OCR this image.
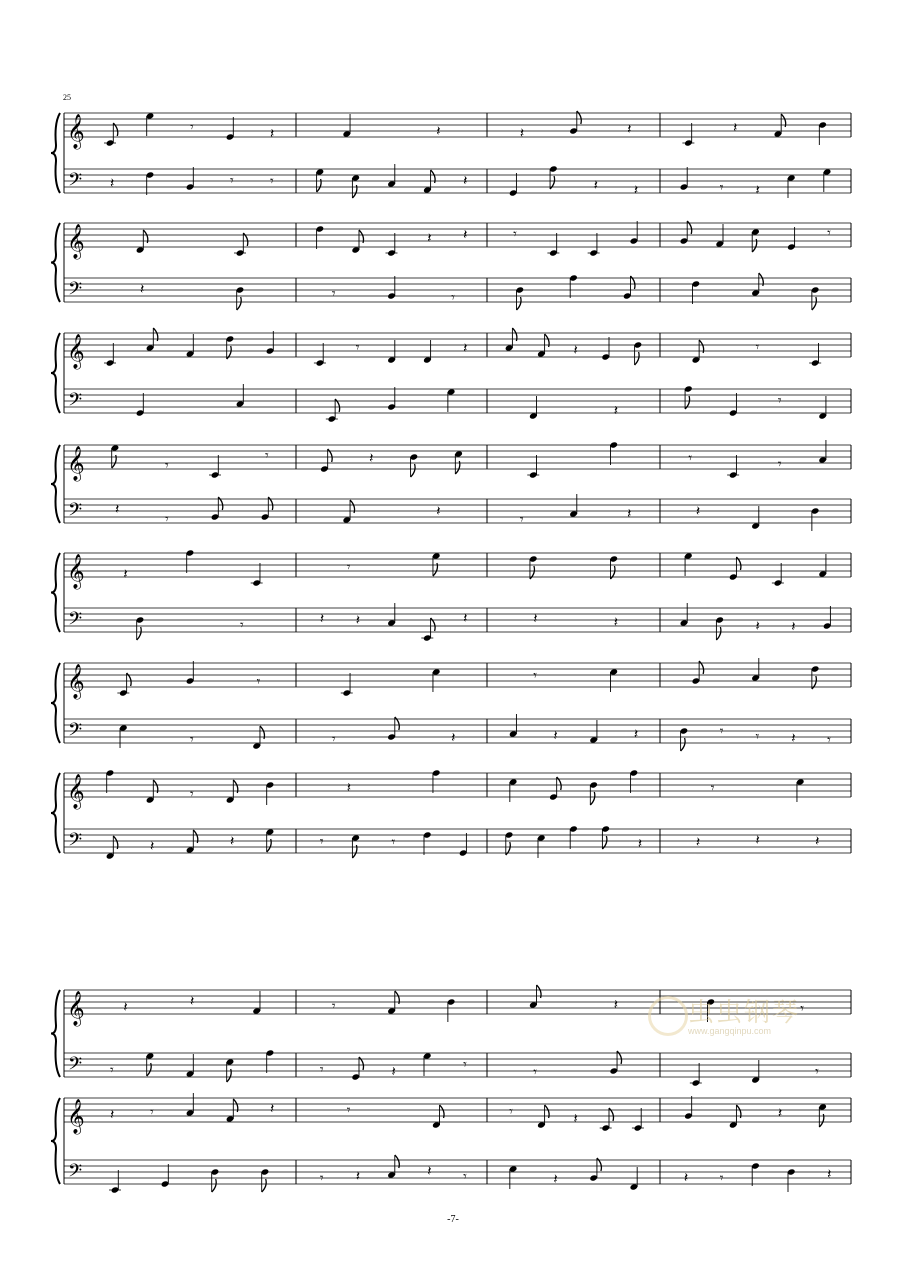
𝄞	𝄾	𝄽	𝄽	𝄽	𝄽	𝄽
𝄢 𝄽	𝄾	𝄾	𝄽	𝄽	𝄽	𝄾 𝄽
𝄞	𝄽 𝄽	𝄾	𝄾
𝄢	𝄽	𝄾	𝄾
𝄞	𝄾	𝄽	𝄽	𝄾
𝄢	𝄽
𝄾
𝄞	𝄾
𝄾	𝄽	𝄾	𝄾
𝄢 𝄽
𝄾
𝄽
𝄾	𝄽	𝄽
𝄞	𝄽	𝄾
𝄢	𝄾	𝄽 𝄽	𝄽	𝄽	𝄽	𝄽 𝄽
𝄞	𝄾	𝄾
𝄢	𝄾	𝄾	𝄽	𝄽	𝄽	𝄾 𝄾 𝄽 𝄾
𝄞	𝄾	𝄽	𝄾
𝄢	𝄽	𝄽	𝄾	𝄾	𝄽	𝄽	𝄽	𝄽
𝄞	𝄽	𝄽	𝄾	𝄽	𝄾
𝄢 𝄾	𝄾	𝄽	𝄾	𝄾	𝄾
𝄞 𝄽	𝄾	𝄽	𝄾	𝄾	𝄽	𝄽
𝄢	𝄾 𝄽	𝄽 𝄾	𝄽	𝄽 𝄾	𝄽
25
虫虫钢琴
www.gangqinpu.com
-7-
